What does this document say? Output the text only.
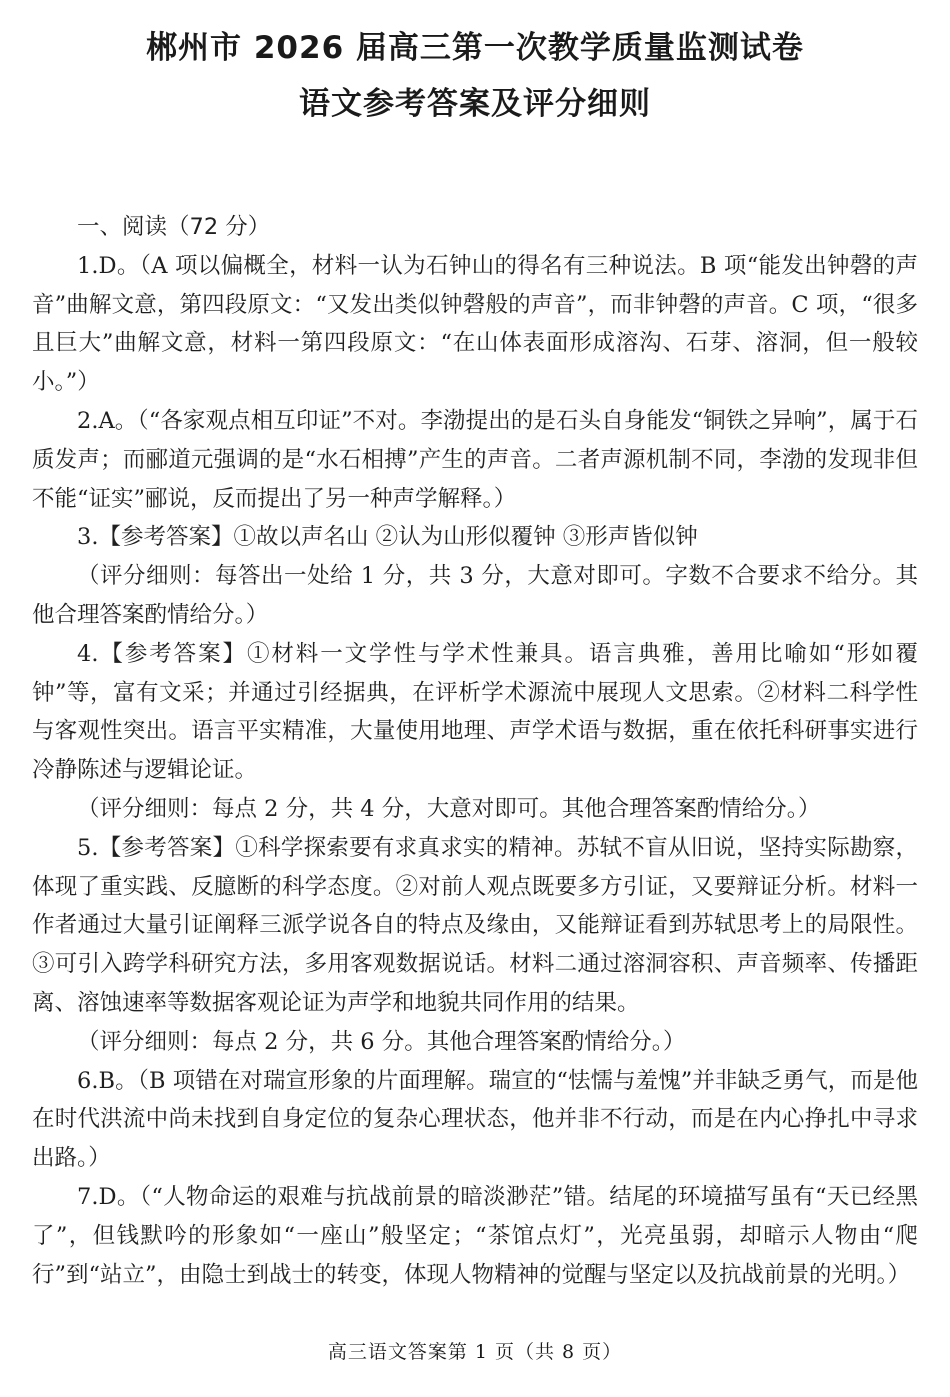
郴州市 2026 届高三第一次教学质量监测试卷
语文参考答案及评分细则

一、阅读（72 分）

1.D。（A 项以偏概全，材料一认为石钟山的得名有三种说法。B 项“能发出钟磬的声音”曲解文意，第四段原文：“又发出类似钟磬般的声音”，而非钟磬的声音。C 项，“很多且巨大”曲解文意，材料一第四段原文：“在山体表面形成溶沟、石芽、溶洞，但一般较小。”）

2.A。（“各家观点相互印证”不对。李渤提出的是石头自身能发“铜铁之异响”，属于石质发声；而郦道元强调的是“水石相搏”产生的声音。二者声源机制不同，李渤的发现非但不能“证实”郦说，反而提出了另一种声学解释。）

3.【参考答案】①故以声名山 ②认为山形似覆钟 ③形声皆似钟

（评分细则：每答出一处给 1 分，共 3 分，大意对即可。字数不合要求不给分。其他合理答案酌情给分。）

4.【参考答案】①材料一文学性与学术性兼具。语言典雅，善用比喻如“形如覆钟”等，富有文采；并通过引经据典，在评析学术源流中展现人文思索。②材料二科学性与客观性突出。语言平实精准，大量使用地理、声学术语与数据，重在依托科研事实进行冷静陈述与逻辑论证。

（评分细则：每点 2 分，共 4 分，大意对即可。其他合理答案酌情给分。）

5.【参考答案】①科学探索要有求真求实的精神。苏轼不盲从旧说，坚持实际勘察，体现了重实践、反臆断的科学态度。②对前人观点既要多方引证，又要辩证分析。材料一作者通过大量引证阐释三派学说各自的特点及缘由，又能辩证看到苏轼思考上的局限性。③可引入跨学科研究方法，多用客观数据说话。材料二通过溶洞容积、声音频率、传播距离、溶蚀速率等数据客观论证为声学和地貌共同作用的结果。

（评分细则：每点 2 分，共 6 分。其他合理答案酌情给分。）

6.B。（B 项错在对瑞宣形象的片面理解。瑞宣的“怯懦与羞愧”并非缺乏勇气，而是他在时代洪流中尚未找到自身定位的复杂心理状态，他并非不行动，而是在内心挣扎中寻求出路。）

7.D。（“人物命运的艰难与抗战前景的暗淡渺茫”错。结尾的环境描写虽有“天已经黑了”，但钱默吟的形象如“一座山”般坚定；“茶馆点灯”，光亮虽弱，却暗示人物由“爬行”到“站立”，由隐士到战士的转变，体现人物精神的觉醒与坚定以及抗战前景的光明。）

高三语文答案第 1 页（共 8 页）
